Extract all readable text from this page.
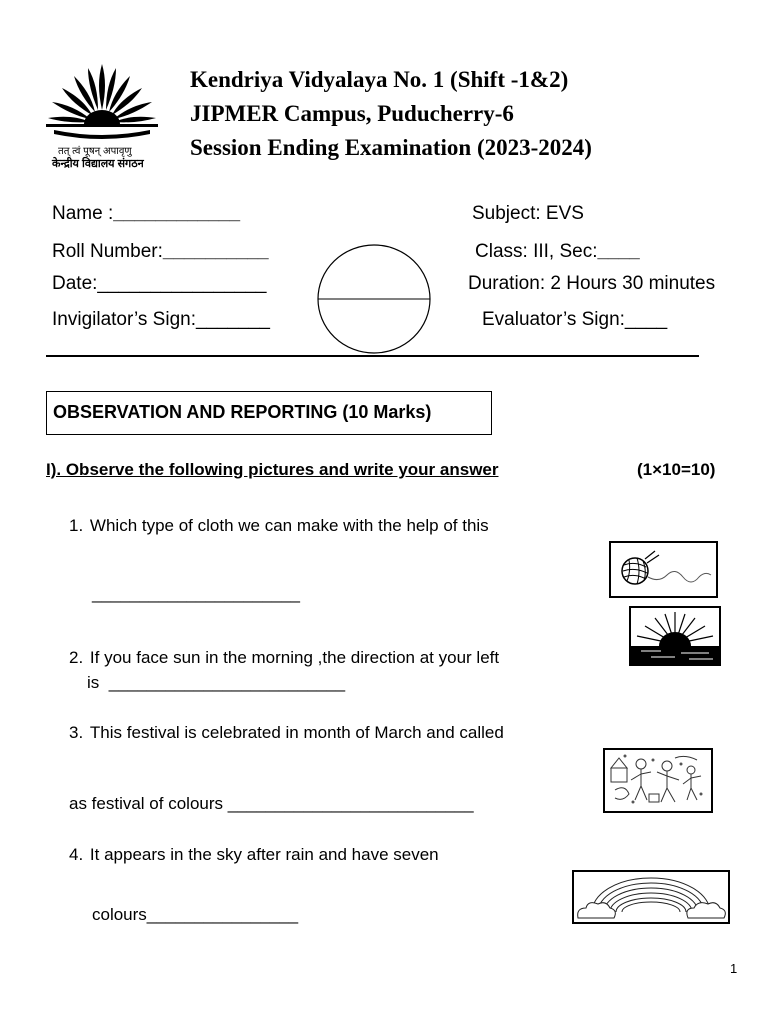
तत् त्वं पूषन् अपावृणु
केन्द्रीय विद्यालय संगठन
Kendriya Vidyalaya No. 1 (Shift -1&2)
JIPMER Campus, Puducherry-6
Session Ending Examination (2023-2024)
Name :____________	Subject: EVS
Roll Number:__________	Class: III, Sec:____
Date:________________	Duration: 2 Hours 30 minutes
Invigilator’s Sign:_______	Evaluator’s Sign:____
OBSERVATION AND REPORTING (10 Marks)
I). Observe the following pictures and write your answer	(1×10=10)
1. Which type of cloth we can make with the help of this
______________________
2. If you face sun in the morning ,the direction at your left
is  _________________________
3. This festival is celebrated in month of March and called
as festival of colours __________________________
4. It appears in the sky after rain and have seven
colours________________
1
